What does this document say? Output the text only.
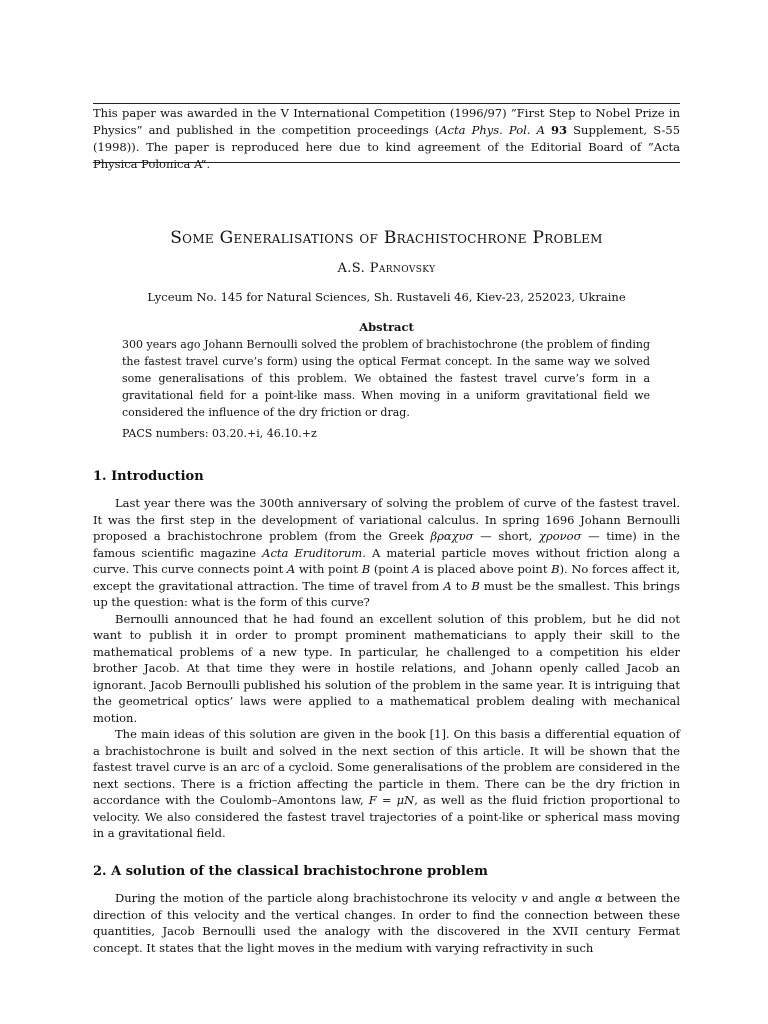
This paper was awarded in the V International Competition (1996/97) ”First Step to Nobel Prize in Physics” and published in the competition proceedings (Acta Phys. Pol. A 93 Supplement, S-55 (1998)). The paper is reproduced here due to kind agreement of the Editorial Board of ”Acta Physica Polonica A”.

Some Generalisations of Brachistochrone Problem
A.S. Parnovsky
Lyceum No. 145 for Natural Sciences, Sh. Rustaveli 46, Kiev-23, 252023, Ukraine
Abstract

300 years ago Johann Bernoulli solved the problem of brachistochrone (the problem of finding the fastest travel curve’s form) using the optical Fermat concept. In the same way we solved some generalisations of this problem. We obtained the fastest travel curve’s form in a gravitational field for a point-like mass. When moving in a uniform gravitational field we considered the influence of the dry friction or drag.

PACS numbers: 03.20.+i, 46.10.+z
1. Introduction

Last year there was the 300th anniversary of solving the problem of curve of the fastest travel. It was the first step in the development of variational calculus. In spring 1696 Johann Bernoulli proposed a brachistochrone problem (from the Greek βραχυσ — short, χρονοσ — time) in the famous scientific magazine Acta Eruditorum. A material particle moves without friction along a curve. This curve connects point A with point B (point A is placed above point B). No forces affect it, except the gravitational attraction. The time of travel from A to B must be the smallest. This brings up the question: what is the form of this curve?

Bernoulli announced that he had found an excellent solution of this problem, but he did not want to publish it in order to prompt prominent mathematicians to apply their skill to the mathematical problems of a new type. In particular, he challenged to a competition his elder brother Jacob. At that time they were in hostile relations, and Johann openly called Jacob an ignorant. Jacob Bernoulli published his solution of the problem in the same year. It is intriguing that the geometrical optics’ laws were applied to a mathematical problem dealing with mechanical motion.

The main ideas of this solution are given in the book [1]. On this basis a differential equation of a brachistochrone is built and solved in the next section of this article. It will be shown that the fastest travel curve is an arc of a cycloid. Some generalisations of the problem are considered in the next sections. There is a friction affecting the particle in them. There can be the dry friction in accordance with the Coulomb–Amontons law, F = μN, as well as the fluid friction proportional to velocity. We also considered the fastest travel trajectories of a point-like or spherical mass moving in a gravitational field.

2. A solution of the classical brachistochrone problem

During the motion of the particle along brachistochrone its velocity v and angle α between the direction of this velocity and the vertical changes. In order to find the connection between these quantities, Jacob Bernoulli used the analogy with the discovered in the XVII century Fermat concept. It states that the light moves in the medium with varying refractivity in such
